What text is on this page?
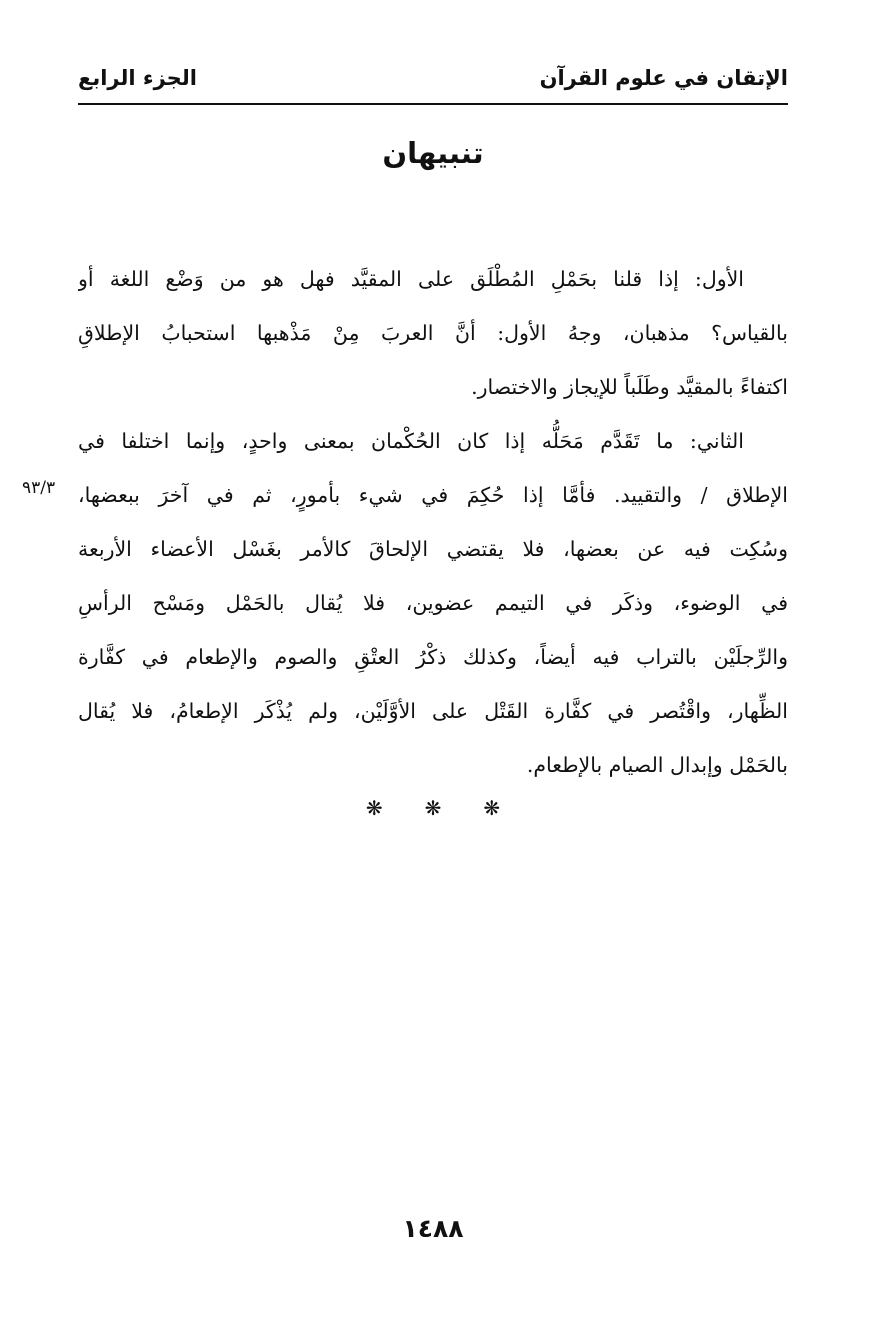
الإتقان في علوم القرآن
الجزء الرابع
تنبيهان
الأول: إذا قلنا بحَمْلِ المُطْلَق على المقيَّد فهل هو من وَضْع اللغة أو
بالقياس؟ مذهبان، وجهُ الأول: أنَّ العربَ مِنْ مَذْهبها استحبابُ الإطلاقِ
اكتفاءً بالمقيَّد وطَلَباً للإيجاز والاختصار.
الثاني: ما تَقَدَّم مَحَلُّه إذا كان الحُكْمان بمعنى واحدٍ، وإنما اختلفا في
الإطلاق / والتقييد. فأمَّا إذا حُكِمَ في شيء بأمورٍ، ثم في آخرَ ببعضها،
وسُكِت فيه عن بعضها، فلا يقتضي الإلحاقَ كالأمر بغَسْل الأعضاء الأربعة
في الوضوء، وذكَر في التيمم عضوين، فلا يُقال بالحَمْل ومَسْح الرأسِ
والرِّجلَيْن بالتراب فيه أيضاً، وكذلك ذكْرُ العتْقِ والصوم والإطعام في كفَّارة
الظِّهار، واقْتُصر في كفَّارة القَتْل على الأوَّلَيْن، ولم يُذْكَر الإطعامُ، فلا يُقال
بالحَمْل وإبدال الصيام بالإطعام.
٩٣/٣
❋ ❋ ❋
١٤٨٨
